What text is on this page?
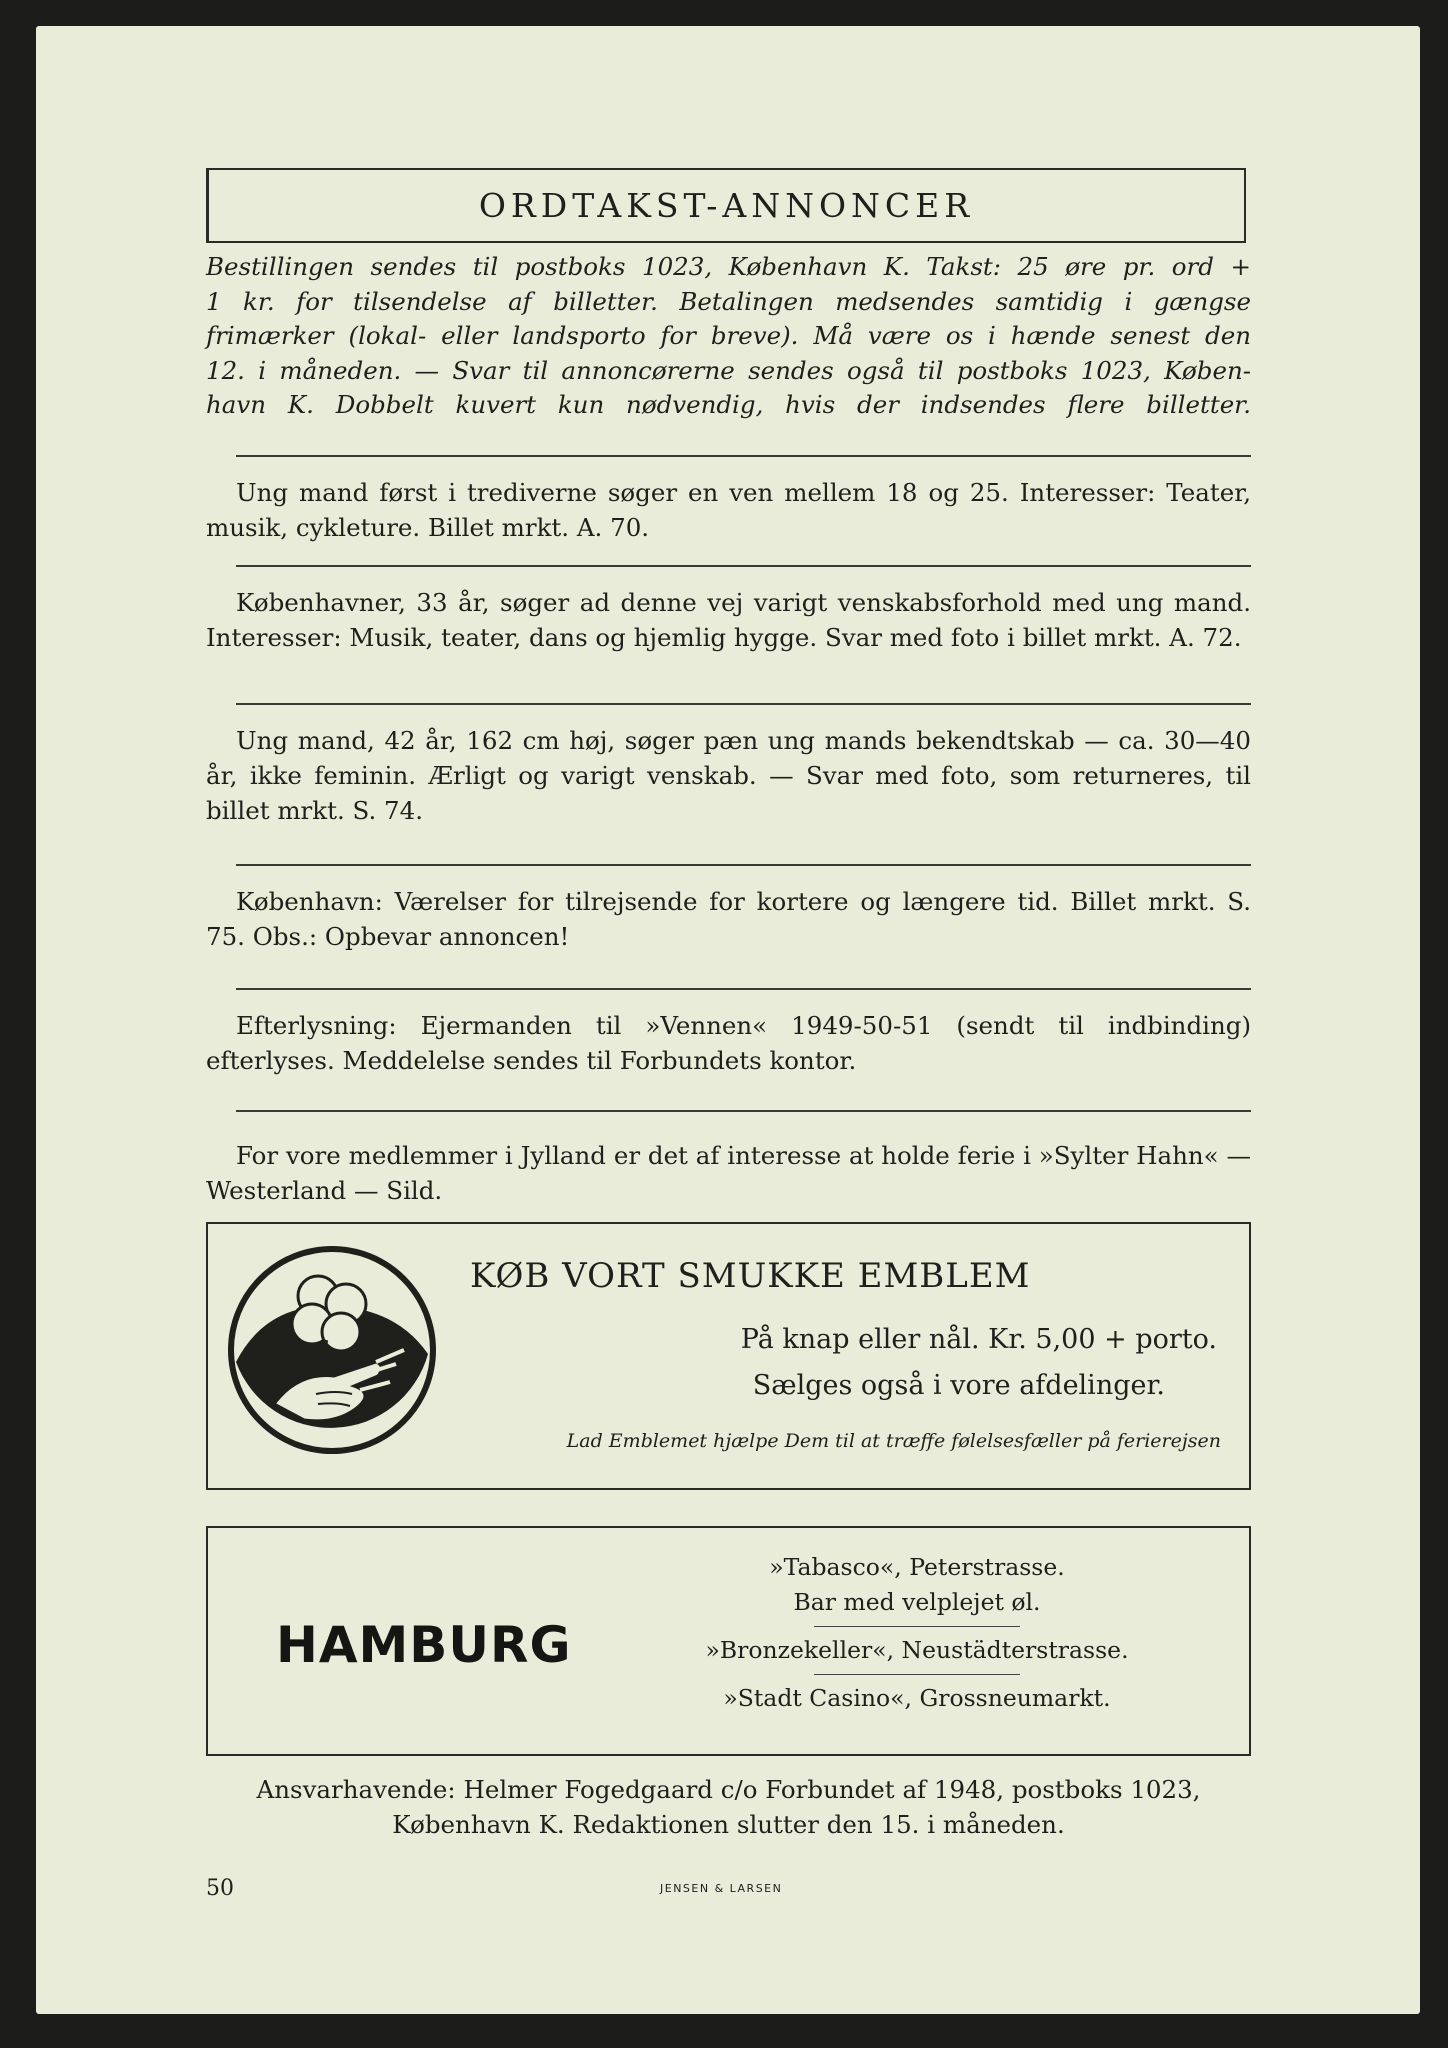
ORDTAKST-ANNONCER
Bestillingen sendes til postboks 1023, København K. Takst: 25 øre pr. ord +
1 kr. for tilsendelse af billetter. Betalingen medsendes samtidig i gængse
frimærker (lokal- eller landsporto for breve). Må være os i hænde senest den
12. i måneden. — Svar til annoncørerne sendes også til postboks 1023, Køben-
havn K. Dobbelt kuvert kun nødvendig, hvis der indsendes flere billetter.

Ung mand først i trediverne søger en ven mellem 18 og 25. Interesser: Teater, musik, cykleture. Billet mrkt. A. 70.

Københavner, 33 år, søger ad denne vej varigt venskabsforhold med ung mand. Interesser: Musik, teater, dans og hjemlig hygge. Svar med foto i billet mrkt. A. 72.

Ung mand, 42 år, 162 cm høj, søger pæn ung mands bekendtskab — ca. 30—40 år, ikke feminin. Ærligt og varigt venskab. — Svar med foto, som returneres, til billet mrkt. S. 74.

København: Værelser for tilrejsende for kortere og længere tid. Billet mrkt. S. 75. Obs.: Opbevar annoncen!

Efterlysning: Ejermanden til »Vennen« 1949-50-51 (sendt til indbinding) efterlyses. Meddelelse sendes til Forbundets kontor.

For vore medlemmer i Jylland er det af interesse at holde ferie i »Sylter Hahn« — Westerland — Sild.

KØB VORT SMUKKE EMBLEM
På knap eller nål. Kr. 5,00 + porto.
Sælges også i vore afdelinger.
Lad Emblemet hjælpe Dem til at træffe følelsesfæller på ferierejsen
HAMBURG
»Tabasco«, Peterstrasse.
Bar med velplejet øl.
»Bronzekeller«, Neustädterstrasse.
»Stadt Casino«, Grossneumarkt.
Ansvarhavende: Helmer Fogedgaard c/o Forbundet af 1948, postboks 1023,
København K. Redaktionen slutter den 15. i måneden.
50	JENSEN & LARSEN
